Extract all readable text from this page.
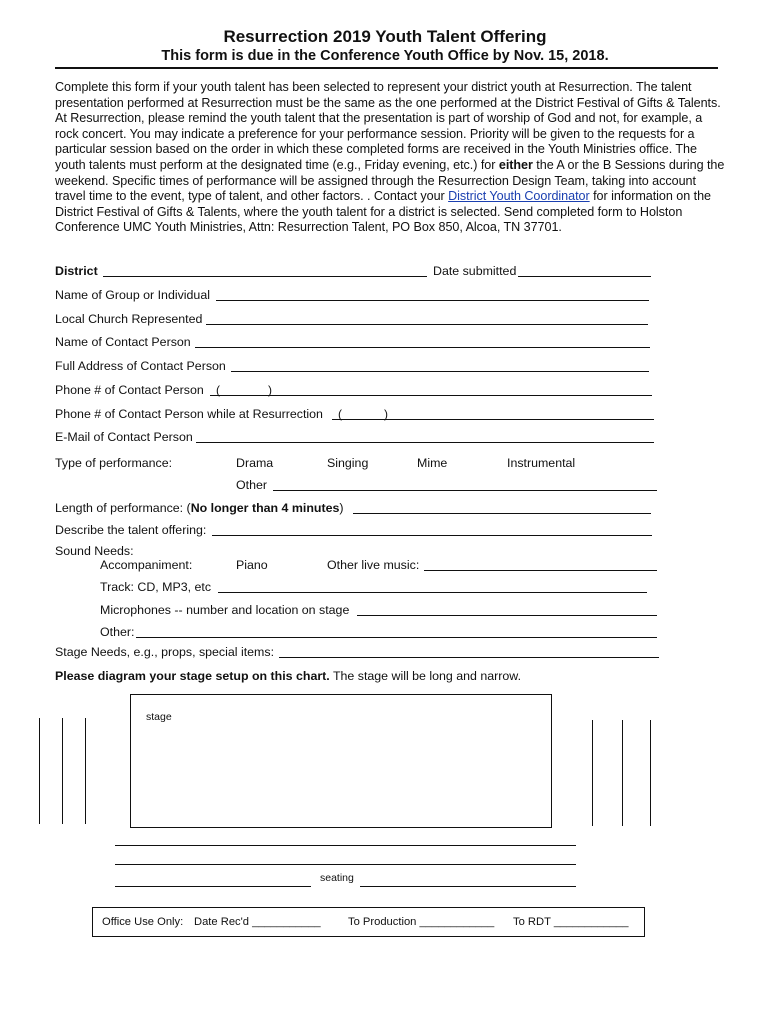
Resurrection 2019 Youth Talent Offering
This form is due in the Conference Youth Office by Nov. 15, 2018.
Complete this form if your youth talent has been selected to represent your district youth at Resurrection. The talent presentation performed at Resurrection must be the same as the one performed at the District Festival of Gifts & Talents. At Resurrection, please remind the youth talent that the presentation is part of worship of God and not, for example, a rock concert. You may indicate a preference for your performance session. Priority will be given to the requests for a particular session based on the order in which these completed forms are received in the Youth Ministries office. The youth talents must perform at the designated time (e.g., Friday evening, etc.) for either the A or the B Sessions during the weekend. Specific times of performance will be assigned through the Resurrection Design Team, taking into account travel time to the event, type of talent, and other factors. . Contact your District Youth Coordinator for information on the District Festival of Gifts & Talents, where the youth talent for a district is selected. Send completed form to Holston Conference UMC Youth Ministries, Attn: Resurrection Talent, PO Box 850, Alcoa, TN 37701.
District	Date submitted
Name of Group or Individual
Local Church Represented
Name of Contact Person
Full Address of Contact Person
Phone # of Contact Person (	)
Phone # of Contact Person while at Resurrection (	)
E-Mail of Contact Person
Type of performance:	Drama	Singing	Mime	Instrumental
Other
Length of performance: (No longer than 4 minutes)
Describe the talent offering:
Sound Needs:
Accompaniment:	Piano	Other live music:
Track: CD, MP3, etc
Microphones -- number and location on stage
Other:
Stage Needs, e.g., props, special items:
Please diagram your stage setup on this chart. The stage will be long and narrow.
stage
seating
Office Use Only: Date Rec'd ___________ To Production ____________ To RDT ____________
